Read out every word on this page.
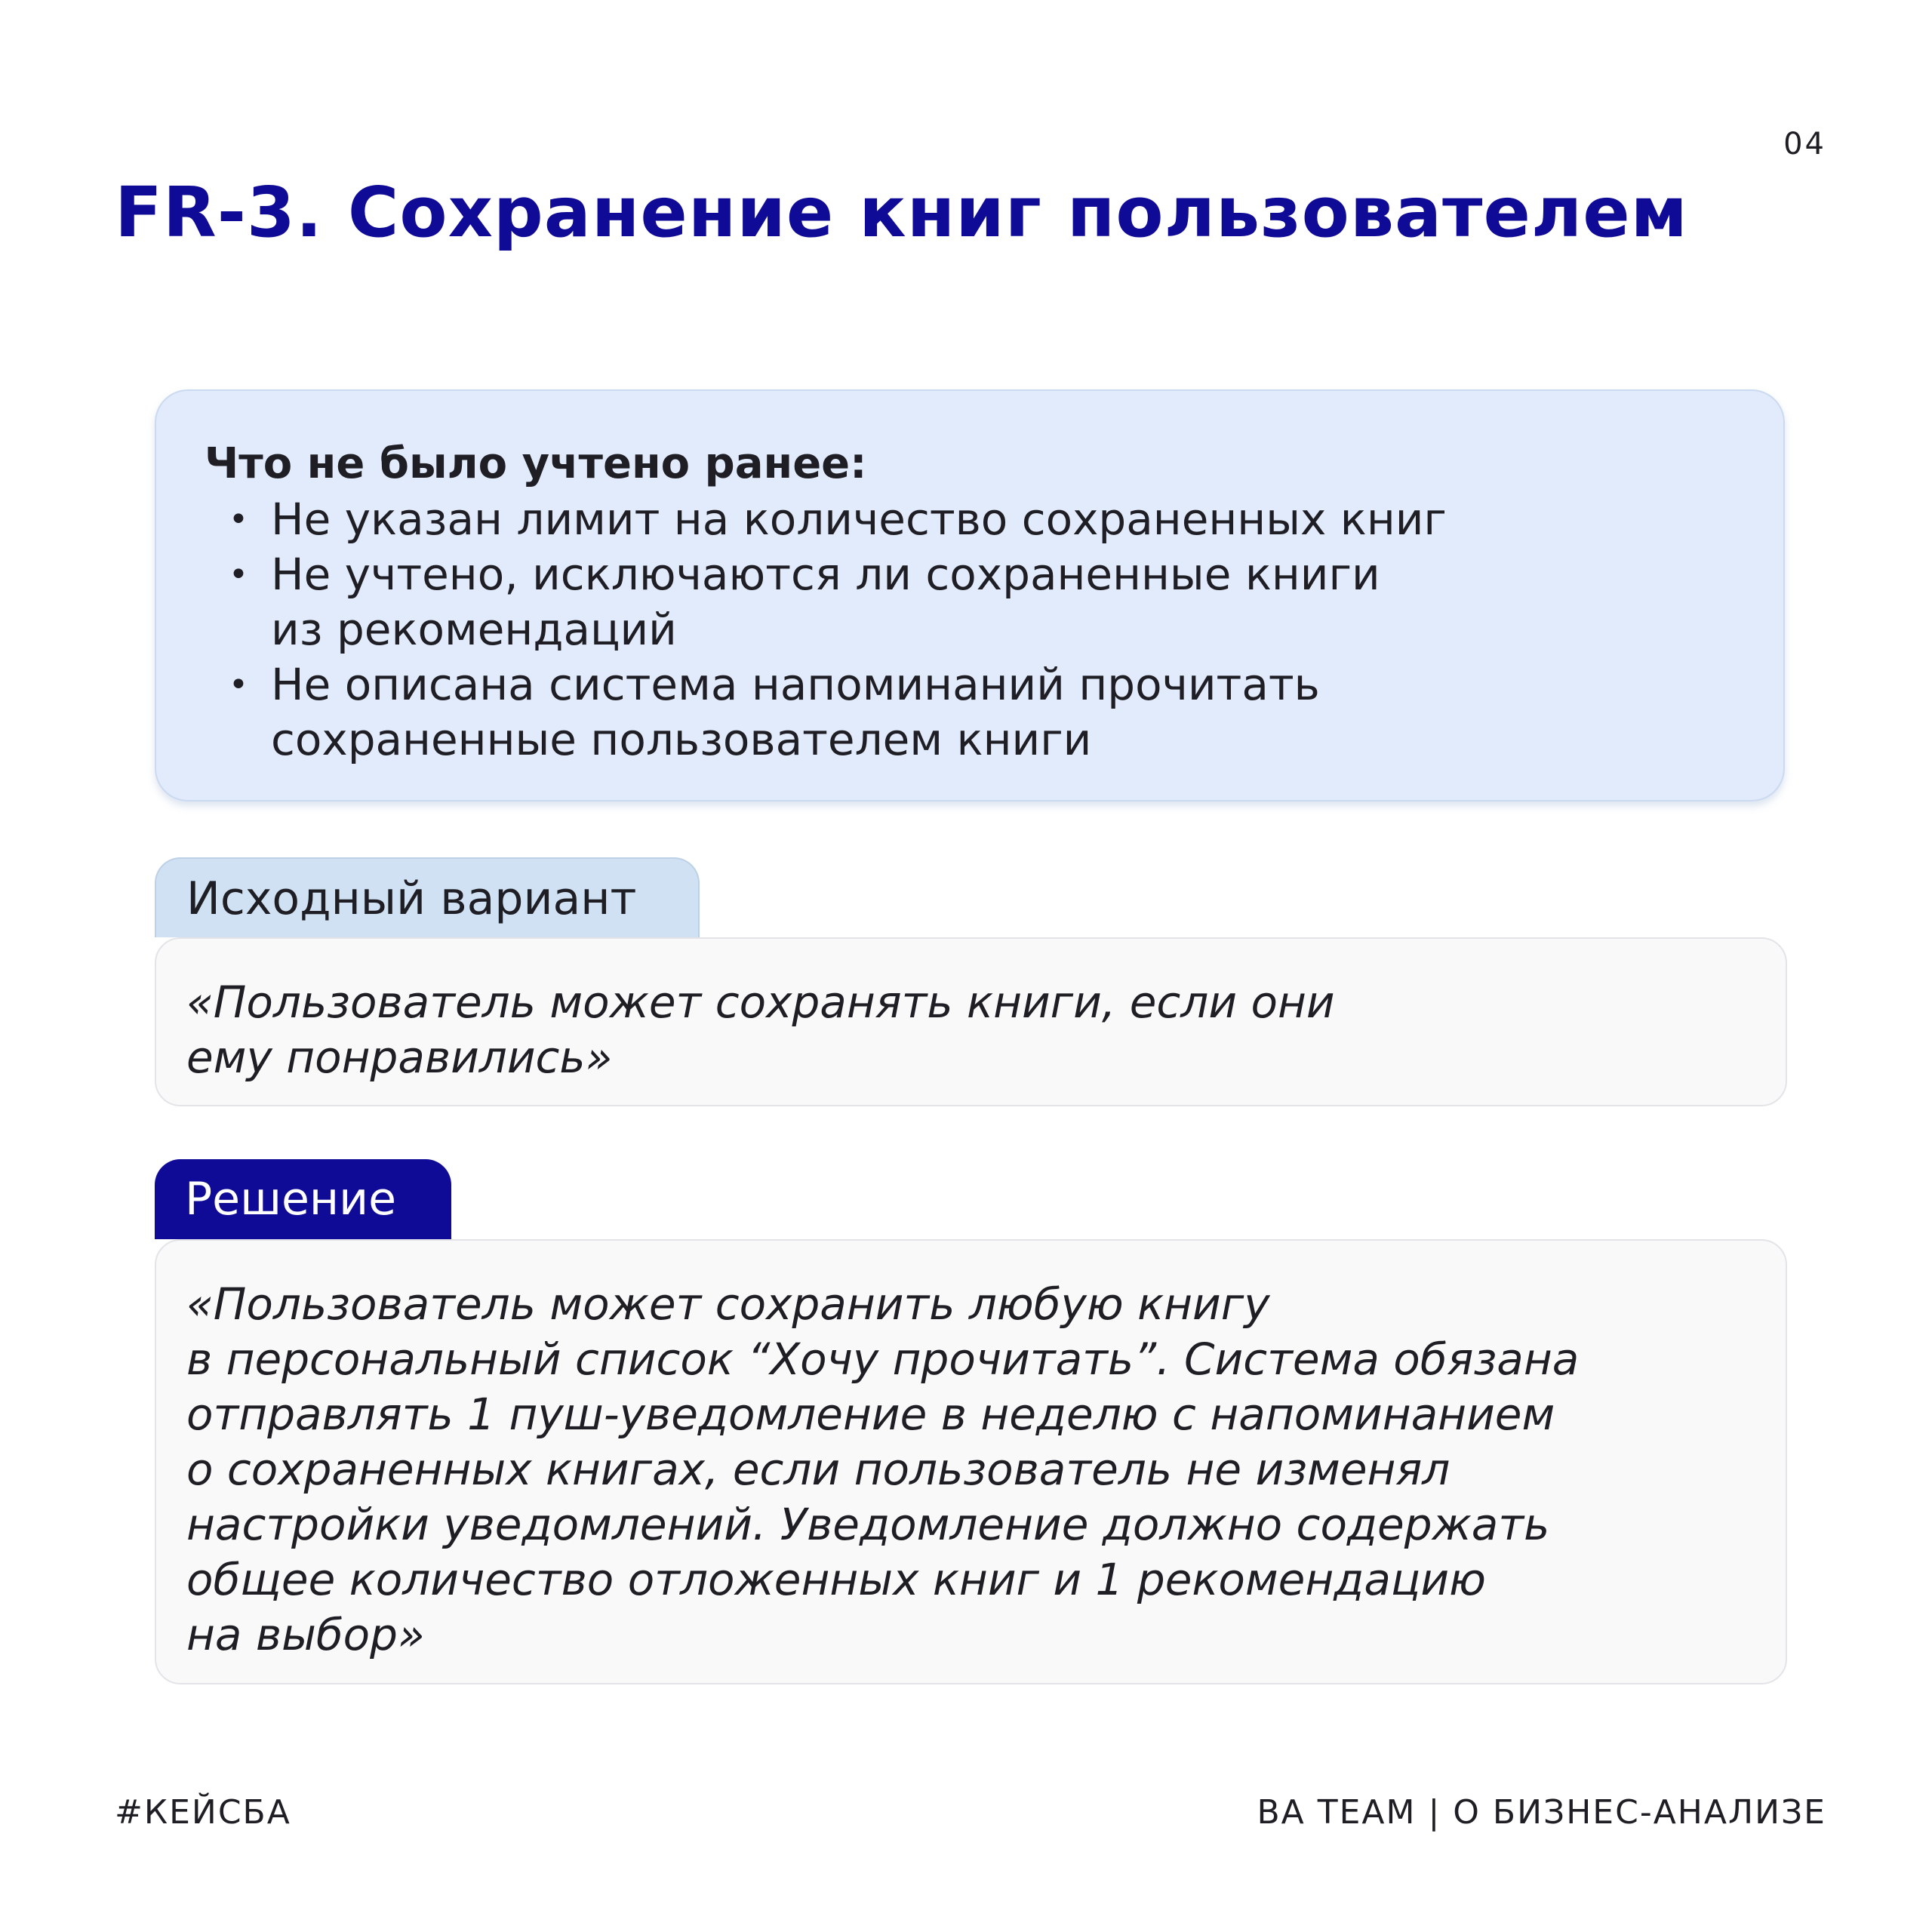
04
FR-3. Сохранение книг пользователем

Что не было учтено ранее:

• Не указан лимит на количество сохраненных книг
• Не учтено, исключаются ли сохраненные книги
из рекомендаций
• Не описана система напоминаний прочитать
сохраненные пользователем книги
Исходный вариант

«Пользователь может сохранять книги, если они
ему понравились»

Решение

«Пользователь может сохранить любую книгу
в персональный список “Хочу прочитать”. Система обязана
отправлять 1 пуш-уведомление в неделю с напоминанием
о сохраненных книгах, если пользователь не изменял
настройки уведомлений. Уведомление должно содержать
общее количество отложенных книг и 1 рекомендацию
на выбор»

#КЕЙСБА	BA TEAM | О БИЗНЕС-АНАЛИЗЕ
